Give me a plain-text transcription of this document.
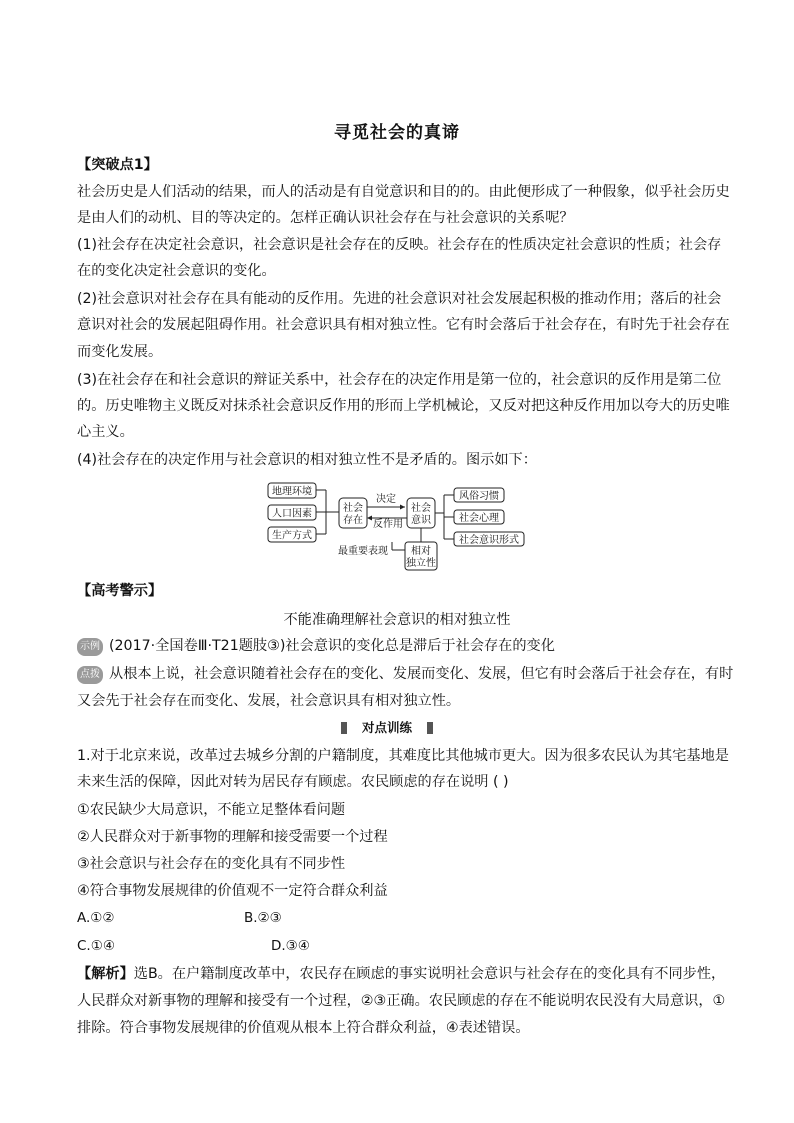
寻觅社会的真谛
【突破点1】
社会历史是人们活动的结果，而人的活动是有自觉意识和目的的。由此便形成了一种假象，似乎社会历史
是由人们的动机、目的等决定的。怎样正确认识社会存在与社会意识的关系呢？
(1)社会存在决定社会意识，社会意识是社会存在的反映。社会存在的性质决定社会意识的性质；社会存
在的变化决定社会意识的变化。
(2)社会意识对社会存在具有能动的反作用。先进的社会意识对社会发展起积极的推动作用；落后的社会
意识对社会的发展起阻碍作用。社会意识具有相对独立性。它有时会落后于社会存在，有时先于社会存在
而变化发展。
(3)在社会存在和社会意识的辩证关系中，社会存在的决定作用是第一位的，社会意识的反作用是第二位
的。历史唯物主义既反对抹杀社会意识反作用的形而上学机械论，又反对把这种反作用加以夸大的历史唯
心主义。
(4)社会存在的决定作用与社会意识的相对独立性不是矛盾的。图示如下：
地理环境
人口因素
生产方式
社会
存在
社会
意识
决定
反作用
风俗习惯
社会心理
社会意识形式
最重要表现 相对
独立性
【高考警示】
不能准确理解社会意识的相对独立性
示例 (2017·全国卷Ⅲ·T21题肢③)社会意识的变化总是滞后于社会存在的变化
点拨 从根本上说，社会意识随着社会存在的变化、发展而变化、发展，但它有时会落后于社会存在，有时
又会先于社会存在而变化、发展，社会意识具有相对独立性。
对点训练
1.对于北京来说，改革过去城乡分割的户籍制度，其难度比其他城市更大。因为很多农民认为其宅基地是
未来生活的保障，因此对转为居民存有顾虑。农民顾虑的存在说明 ( )
①农民缺少大局意识，不能立足整体看问题
②人民群众对于新事物的理解和接受需要一个过程
③社会意识与社会存在的变化具有不同步性
④符合事物发展规律的价值观不一定符合群众利益
A.①②	B.②③
C.①④	D.③④
【解析】选B。在户籍制度改革中，农民存在顾虑的事实说明社会意识与社会存在的变化具有不同步性，
人民群众对新事物的理解和接受有一个过程，②③正确。农民顾虑的存在不能说明农民没有大局意识，①
排除。符合事物发展规律的价值观从根本上符合群众利益，④表述错误。
